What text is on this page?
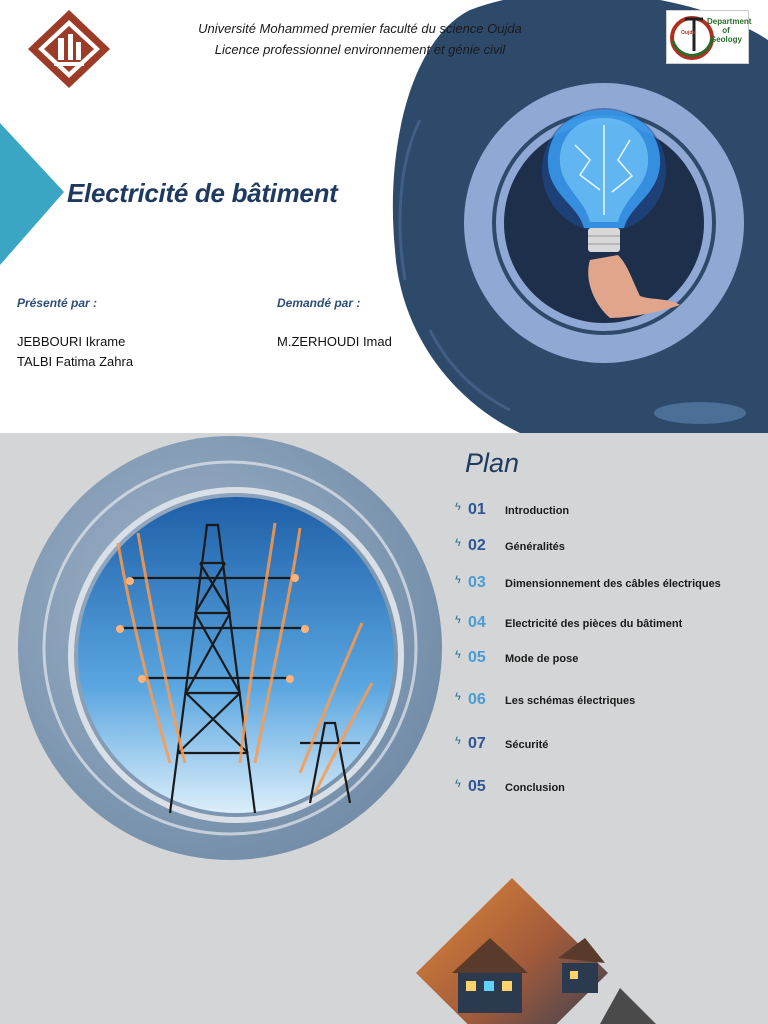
Department of Geology
Oujda
Université Mohammed premier faculté du science Oujda
Licence professionnel environnement et génie civil
Electricité de bâtiment
Présenté par :	Demandé par :
JEBBOURI Ikrame
TALBI Fatima Zahra
M.ZERHOUDI Imad
Plan
ϟ 01 Introduction
ϟ 02 Généralités
ϟ 03 Dimensionnement des câbles électriques
ϟ 04 Electricité des pièces du bâtiment
ϟ 05 Mode de pose
ϟ 06 Les schémas électriques
ϟ 07 Sécurité
ϟ 05 Conclusion
